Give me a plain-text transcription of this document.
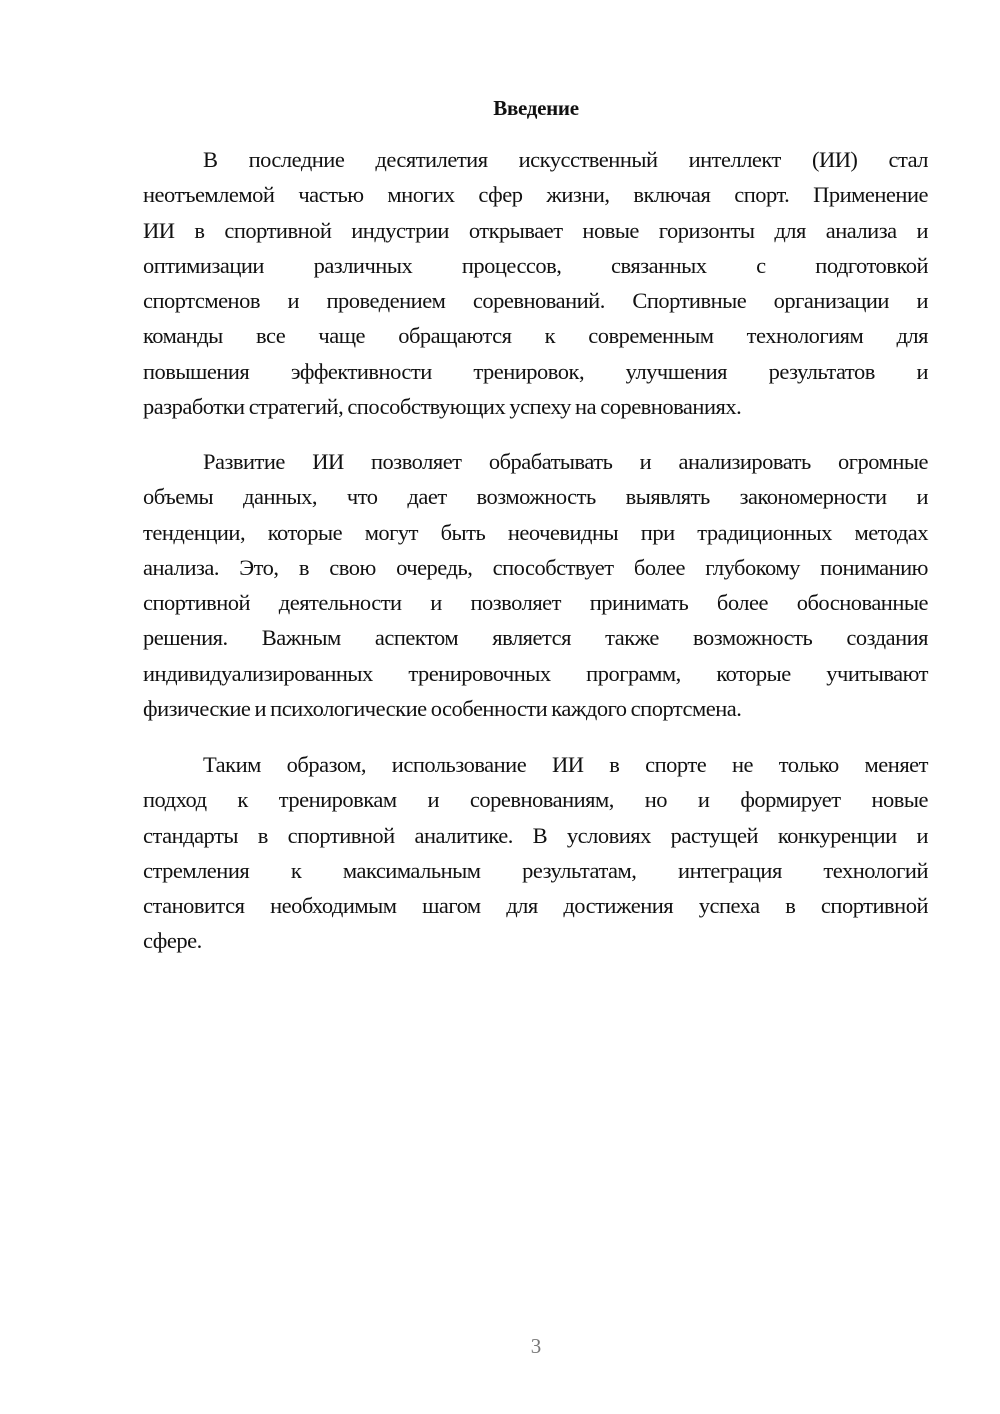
Введение
В последние десятилетия искусственный интеллект (ИИ) стал
неотъемлемой частью многих сфер жизни, включая спорт. Применение
ИИ в спортивной индустрии открывает новые горизонты для анализа и
оптимизации различных процессов, связанных с подготовкой
спортсменов и проведением соревнований. Спортивные организации и
команды все чаще обращаются к современным технологиям для
повышения эффективности тренировок, улучшения результатов и
разработки стратегий, способствующих успеху на соревнованиях.
Развитие ИИ позволяет обрабатывать и анализировать огромные
объемы данных, что дает возможность выявлять закономерности и
тенденции, которые могут быть неочевидны при традиционных методах
анализа. Это, в свою очередь, способствует более глубокому пониманию
спортивной деятельности и позволяет принимать более обоснованные
решения. Важным аспектом является также возможность создания
индивидуализированных тренировочных программ, которые учитывают
физические и психологические особенности каждого спортсмена.
Таким образом, использование ИИ в спорте не только меняет
подход к тренировкам и соревнованиям, но и формирует новые
стандарты в спортивной аналитике. В условиях растущей конкуренции и
стремления к максимальным результатам, интеграция технологий
становится необходимым шагом для достижения успеха в спортивной
сфере.
3
